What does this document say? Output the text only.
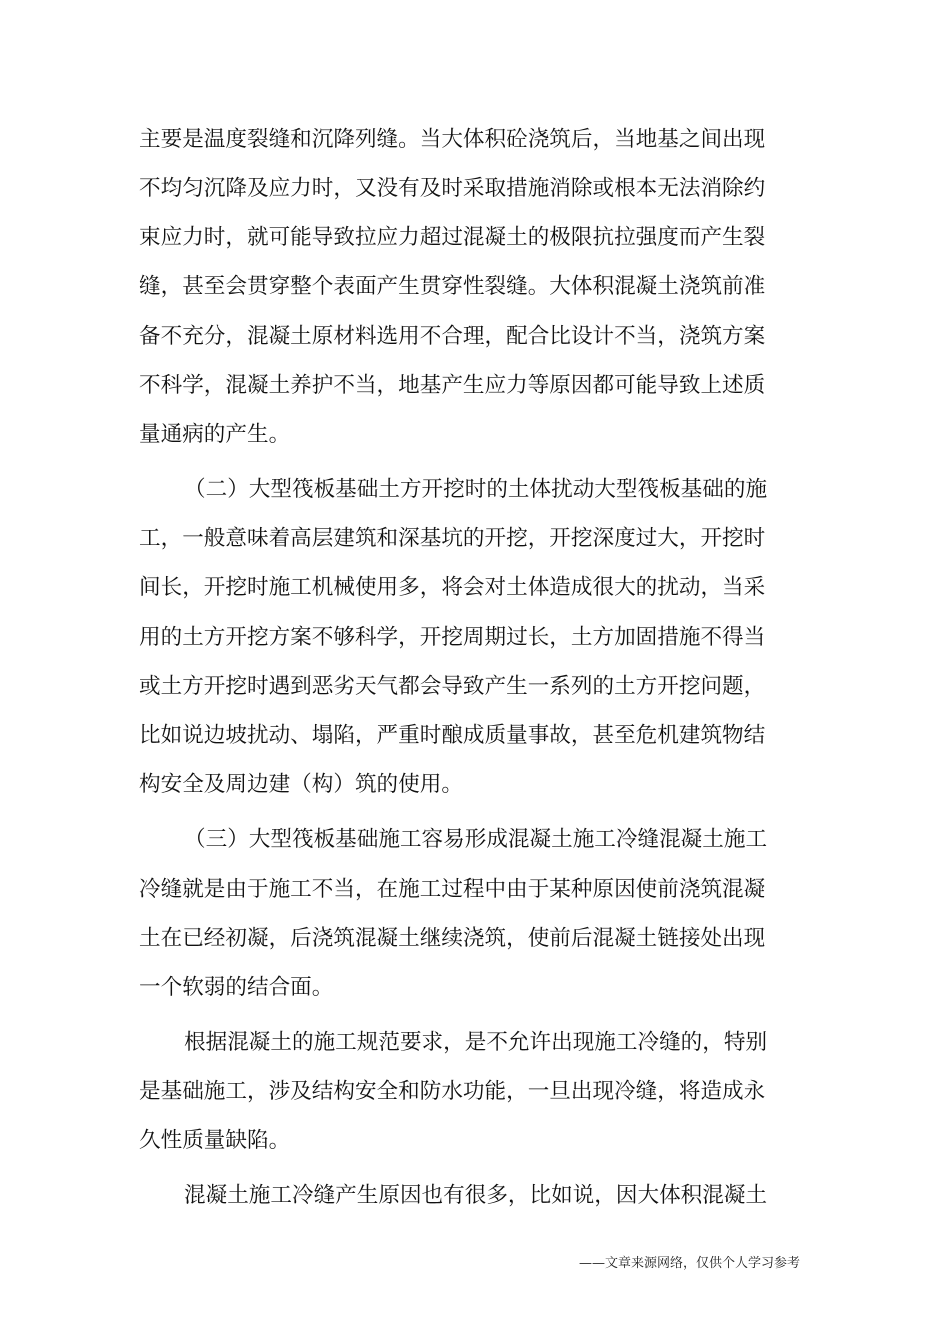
主要是温度裂缝和沉降列缝。当大体积砼浇筑后，当地基之间出现
不均匀沉降及应力时，又没有及时采取措施消除或根本无法消除约
束应力时，就可能导致拉应力超过混凝土的极限抗拉强度而产生裂
缝，甚至会贯穿整个表面产生贯穿性裂缝。大体积混凝土浇筑前准
备不充分，混凝土原材料选用不合理，配合比设计不当，浇筑方案
不科学，混凝土养护不当，地基产生应力等原因都可能导致上述质
量通病的产生。
（二）大型筏板基础土方开挖时的土体扰动大型筏板基础的施
工，一般意味着高层建筑和深基坑的开挖，开挖深度过大，开挖时
间长，开挖时施工机械使用多，将会对土体造成很大的扰动，当采
用的土方开挖方案不够科学，开挖周期过长，土方加固措施不得当
或土方开挖时遇到恶劣天气都会导致产生一系列的土方开挖问题，
比如说边坡扰动、塌陷，严重时酿成质量事故，甚至危机建筑物结
构安全及周边建（构）筑的使用。
（三）大型筏板基础施工容易形成混凝土施工冷缝混凝土施工
冷缝就是由于施工不当，在施工过程中由于某种原因使前浇筑混凝
土在已经初凝，后浇筑混凝土继续浇筑，使前后混凝土链接处出现
一个软弱的结合面。
根据混凝土的施工规范要求，是不允许出现施工冷缝的，特别
是基础施工，涉及结构安全和防水功能，一旦出现冷缝，将造成永
久性质量缺陷。
混凝土施工冷缝产生原因也有很多，比如说，因大体积混凝土
——文章来源网络，仅供个人学习参考
